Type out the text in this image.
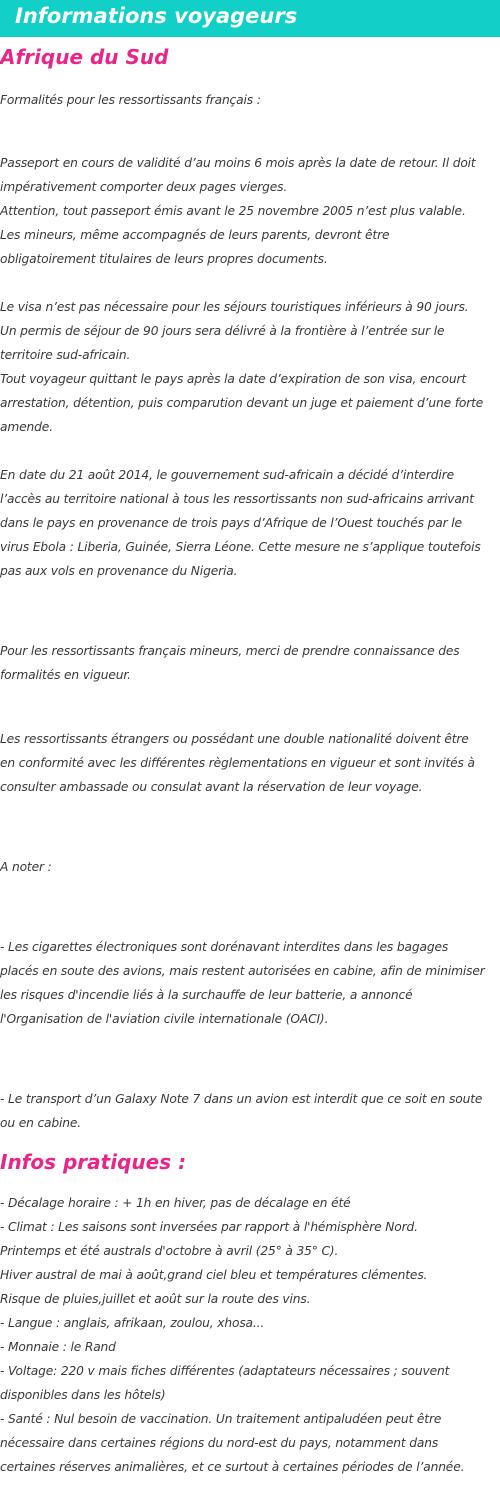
Informations voyageurs
Afrique du Sud
Formalités pour les ressortissants français :
Passeport en cours de validité d’au moins 6 mois après la date de retour. Il doit
impérativement comporter deux pages vierges.
Attention, tout passeport émis avant le 25 novembre 2005 n’est plus valable.
Les mineurs, même accompagnés de leurs parents, devront être
obligatoirement titulaires de leurs propres documents.
Le visa n’est pas nécessaire pour les séjours touristiques inférieurs à 90 jours.
Un permis de séjour de 90 jours sera délivré à la frontière à l’entrée sur le
territoire sud-africain.
Tout voyageur quittant le pays après la date d’expiration de son visa, encourt
arrestation, détention, puis comparution devant un juge et paiement d’une forte
amende.
En date du 21 août 2014, le gouvernement sud-africain a décidé d’interdire
l’accès au territoire national à tous les ressortissants non sud-africains arrivant
dans le pays en provenance de trois pays d’Afrique de l’Ouest touchés par le
virus Ebola : Liberia, Guinée, Sierra Léone. Cette mesure ne s’applique toutefois
pas aux vols en provenance du Nigeria.
Pour les ressortissants français mineurs, merci de prendre connaissance des
formalités en vigueur.
Les ressortissants étrangers ou possédant une double nationalité doivent être
en conformité avec les différentes règlementations en vigueur et sont invités à
consulter ambassade ou consulat avant la réservation de leur voyage.
A noter :
- Les cigarettes électroniques sont dorénavant interdites dans les bagages
placés en soute des avions, mais restent autorisées en cabine, afin de minimiser
les risques d'incendie liés à la surchauffe de leur batterie, a annoncé
l'Organisation de l'aviation civile internationale (OACI).
- Le transport d’un Galaxy Note 7 dans un avion est interdit que ce soit en soute
ou en cabine.
Infos pratiques :
- Décalage horaire : + 1h en hiver, pas de décalage en été
- Climat : Les saisons sont inversées par rapport à l'hémisphère Nord.
Printemps et été australs d'octobre à avril (25° à 35° C).
Hiver austral de mai à août,grand ciel bleu et températures clémentes.
Risque de pluies,juillet et août sur la route des vins.
- Langue : anglais, afrikaan, zoulou, xhosa...
- Monnaie : le Rand
- Voltage: 220 v mais fiches différentes (adaptateurs nécessaires ; souvent
disponibles dans les hôtels)
- Santé : Nul besoin de vaccination. Un traitement antipaludéen peut être
nécessaire dans certaines régions du nord-est du pays, notamment dans
certaines réserves animalières, et ce surtout à certaines périodes de l’année.
